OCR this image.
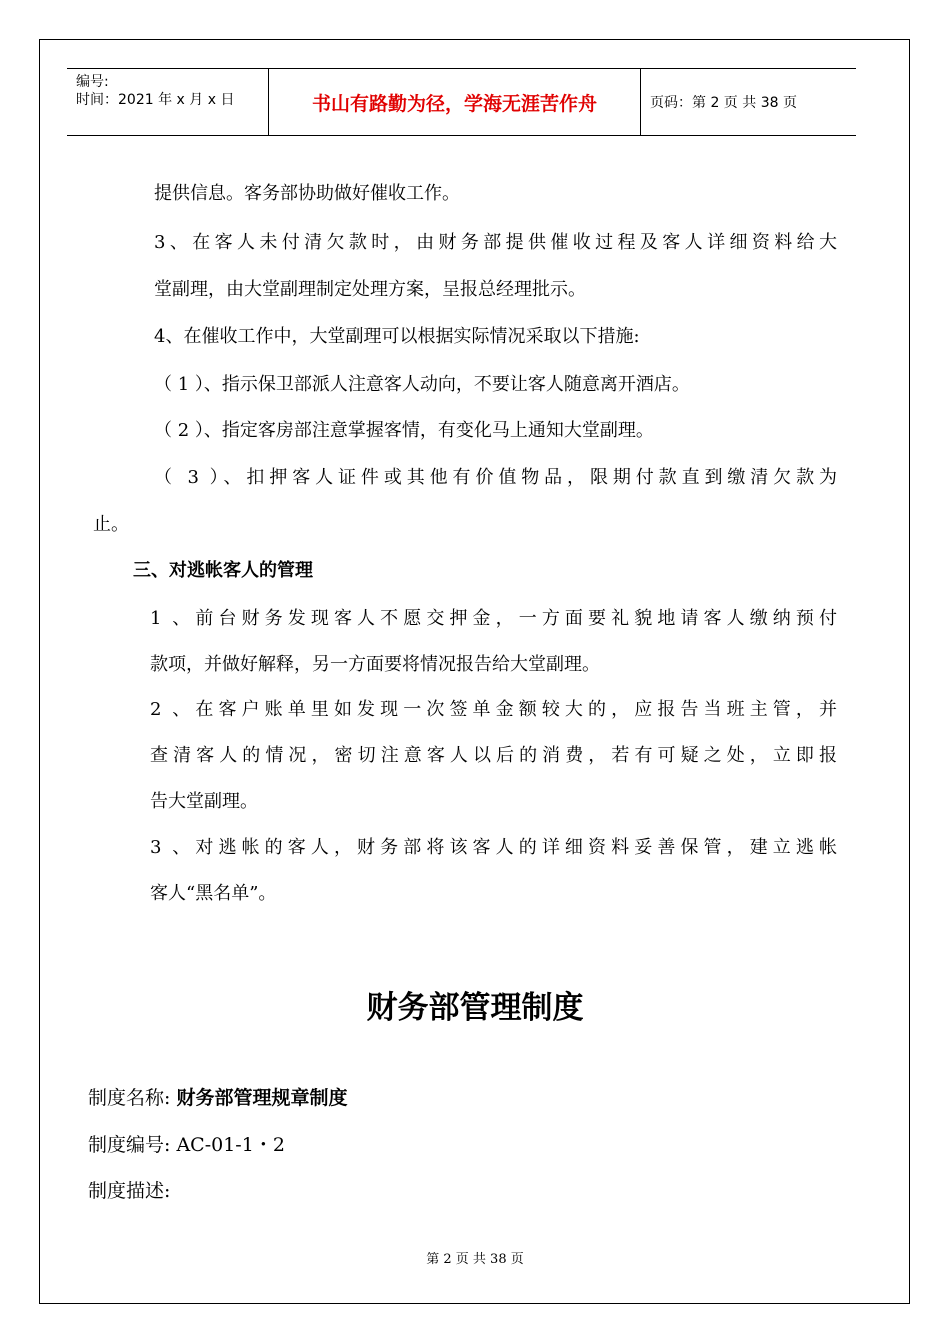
编号:
时间：2021 年 x 月 x 日	书山有路勤为径，学海无涯苦作舟	页码：第 2 页 共 38 页
提供信息。客务部协助做好催收工作。
3、在客人未付清欠款时，由财务部提供催收过程及客人详细资料给大
堂副理，由大堂副理制定处理方案，呈报总经理批示。
4、在催收工作中，大堂副理可以根据实际情况采取以下措施:
（ 1 ）、指示保卫部派人注意客人动向，不要让客人随意离开酒店。
（ 2 ）、指定客房部注意掌握客情，有变化马上通知大堂副理。
（ 3 ）、扣押客人证件或其他有价值物品，限期付款直到缴清欠款为
止。
三、对逃帐客人的管理
1 、前台财务发现客人不愿交押金，一方面要礼貌地请客人缴纳预付
款项，并做好解释，另一方面要将情况报告给大堂副理。
2 、在客户账单里如发现一次签单金额较大的，应报告当班主管，并
查清客人的情况，密切注意客人以后的消费，若有可疑之处，立即报
告大堂副理。
3 、对逃帐的客人，财务部将该客人的详细资料妥善保管，建立逃帐
客人“黑名单”。
财务部管理制度
制度名称: 财务部管理规章制度
制度编号: AC-01-1・2
制度描述:
第 2 页 共 38 页
